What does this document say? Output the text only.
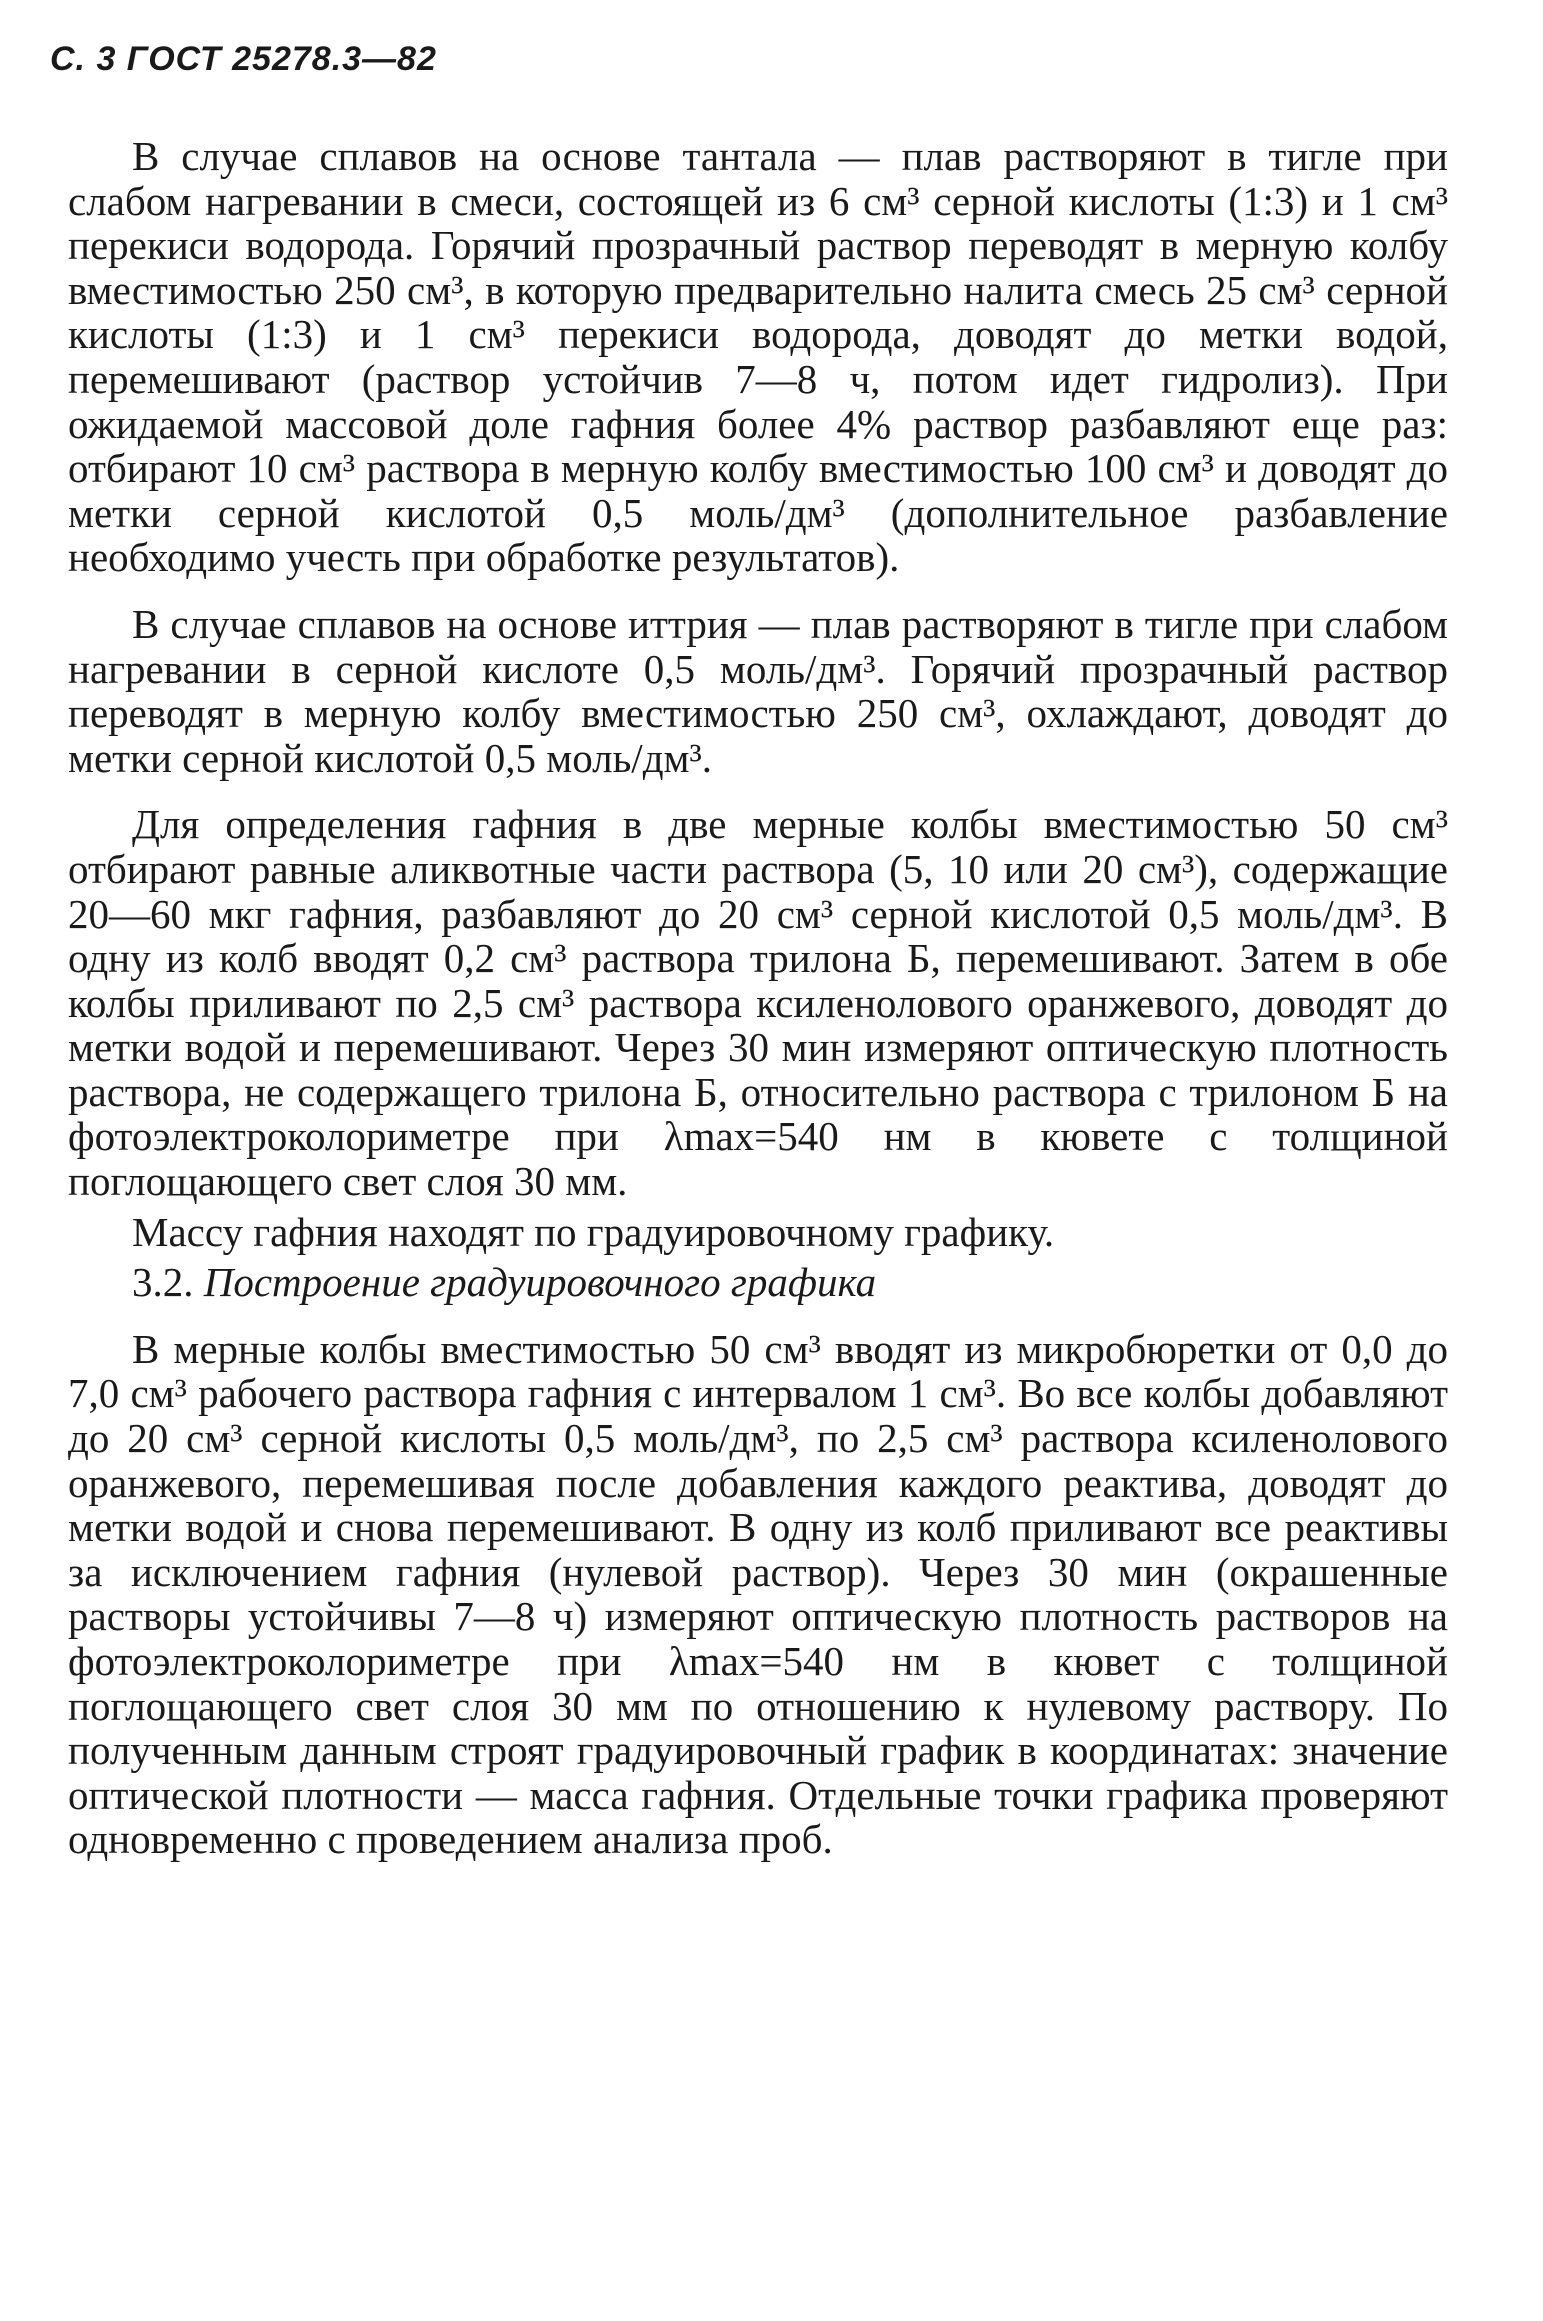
С. 3 ГОСТ 25278.3—82

В случае сплавов на основе тантала — плав растворяют в тигле при слабом нагревании в смеси, состоящей из 6 см³ серной кислоты (1:3) и 1 см³ перекиси водорода. Горячий прозрачный раствор переводят в мерную колбу вместимостью 250 см³, в которую предварительно налита смесь 25 см³ серной кислоты (1:3) и 1 см³ перекиси водорода, доводят до метки водой, перемешивают (раствор устойчив 7—8 ч, потом идет гидролиз). При ожидаемой массовой доле гафния более 4% раствор разбавляют еще раз: отбирают 10 см³ раствора в мерную колбу вместимостью 100 см³ и доводят до метки серной кислотой 0,5 моль/дм³ (дополнительное разбавление необходимо учесть при обработке результатов).

В случае сплавов на основе иттрия — плав растворяют в тигле при слабом нагревании в серной кислоте 0,5 моль/дм³. Горячий прозрачный раствор переводят в мерную колбу вместимостью 250 см³, охлаждают, доводят до метки серной кислотой 0,5 моль/дм³.

Для определения гафния в две мерные колбы вместимостью 50 см³ отбирают равные аликвотные части раствора (5, 10 или 20 см³), содержащие 20—60 мкг гафния, разбавляют до 20 см³ серной кислотой 0,5 моль/дм³. В одну из колб вводят 0,2 см³ раствора трилона Б, перемешивают. Затем в обе колбы приливают по 2,5 см³ раствора ксиленолового оранжевого, доводят до метки водой и перемешивают. Через 30 мин измеряют оптическую плотность раствора, не содержащего трилона Б, относительно раствора с трилоном Б на фотоэлектроколориметре при λmax=540 нм в кювете с толщиной поглощающего свет слоя 30 мм.

Массу гафния находят по градуировочному графику.

3.2. Построение градуировочного графика

В мерные колбы вместимостью 50 см³ вводят из микробюретки от 0,0 до 7,0 см³ рабочего раствора гафния с интервалом 1 см³. Во все колбы добавляют до 20 см³ серной кислоты 0,5 моль/дм³, по 2,5 см³ раствора ксиленолового оранжевого, перемешивая после добавления каждого реактива, доводят до метки водой и снова перемешивают. В одну из колб приливают все реактивы за исключением гафния (нулевой раствор). Через 30 мин (окрашенные растворы устойчивы 7—8 ч) измеряют оптическую плотность растворов на фотоэлектроколориметре при λmax=540 нм в кювет с толщиной поглощающего свет слоя 30 мм по отношению к нулевому раствору. По полученным данным строят градуировочный график в координатах: значение оптической плотности — масса гафния. Отдельные точки графика проверяют одновременно с проведением анализа проб.
